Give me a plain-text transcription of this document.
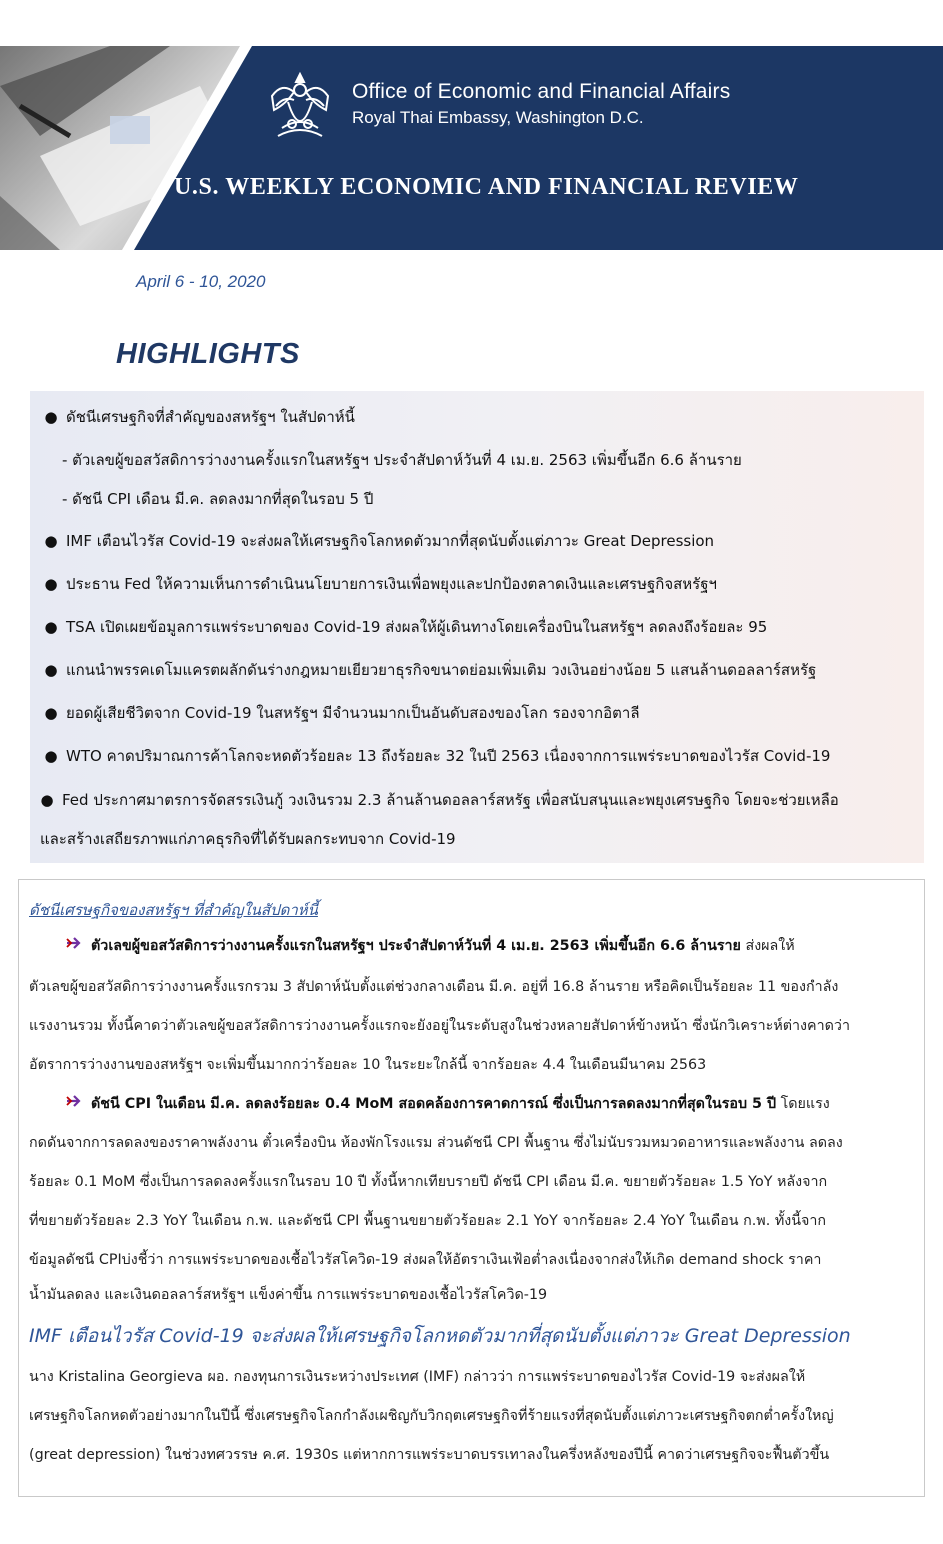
Office of Economic and Financial Affairs
Royal Thai Embassy, Washington D.C.
U.S. WEEKLY ECONOMIC AND FINANCIAL REVIEW
April 6 - 10, 2020
HIGHLIGHTS
● ดัชนีเศรษฐกิจที่สำคัญของสหรัฐฯ ในสัปดาห์นี้
- ตัวเลขผู้ขอสวัสดิการว่างงานครั้งแรกในสหรัฐฯ ประจำสัปดาห์วันที่ 4 เม.ย. 2563 เพิ่มขึ้นอีก 6.6 ล้านราย
- ดัชนี CPI เดือน มี.ค. ลดลงมากที่สุดในรอบ 5 ปี
● IMF เตือนไวรัส Covid-19 จะส่งผลให้เศรษฐกิจโลกหดตัวมากที่สุดนับตั้งแต่ภาวะ Great Depression
● ประธาน Fed ให้ความเห็นการดำเนินนโยบายการเงินเพื่อพยุงและปกป้องตลาดเงินและเศรษฐกิจสหรัฐฯ
● TSA เปิดเผยข้อมูลการแพร่ระบาดของ Covid-19 ส่งผลให้ผู้เดินทางโดยเครื่องบินในสหรัฐฯ ลดลงถึงร้อยละ 95
● แกนนำพรรคเดโมแครตผลักดันร่างกฎหมายเยียวยาธุรกิจขนาดย่อมเพิ่มเติม วงเงินอย่างน้อย 5 แสนล้านดอลลาร์สหรัฐ
● ยอดผู้เสียชีวิตจาก Covid-19 ในสหรัฐฯ มีจำนวนมากเป็นอันดับสองของโลก รองจากอิตาลี
● WTO คาดปริมาณการค้าโลกจะหดตัวร้อยละ 13 ถึงร้อยละ 32 ในปี 2563 เนื่องจากการแพร่ระบาดของไวรัส Covid-19
● Fed ประกาศมาตรการจัดสรรเงินกู้ วงเงินรวม 2.3 ล้านล้านดอลลาร์สหรัฐ เพื่อสนับสนุนและพยุงเศรษฐกิจ โดยจะช่วยเหลือ
และสร้างเสถียรภาพแก่ภาคธุรกิจที่ได้รับผลกระทบจาก Covid-19
ดัชนีเศรษฐกิจของสหรัฐฯ ที่สำคัญในสัปดาห์นี้
ตัวเลขผู้ขอสวัสดิการว่างงานครั้งแรกในสหรัฐฯ ประจำสัปดาห์วันที่ 4 เม.ย. 2563 เพิ่มขึ้นอีก 6.6 ล้านราย ส่งผลให้
ตัวเลขผู้ขอสวัสดิการว่างงานครั้งแรกรวม 3 สัปดาห์นับตั้งแต่ช่วงกลางเดือน มี.ค. อยู่ที่ 16.8 ล้านราย หรือคิดเป็นร้อยละ 11 ของกำลัง
แรงงานรวม ทั้งนี้คาดว่าตัวเลขผู้ขอสวัสดิการว่างงานครั้งแรกจะยังอยู่ในระดับสูงในช่วงหลายสัปดาห์ข้างหน้า ซึ่งนักวิเคราะห์ต่างคาดว่า
อัตราการว่างงานของสหรัฐฯ จะเพิ่มขึ้นมากกว่าร้อยละ 10 ในระยะใกล้นี้ จากร้อยละ 4.4 ในเดือนมีนาคม 2563
ดัชนี CPI ในเดือน มี.ค. ลดลงร้อยละ 0.4 MoM สอดคล้องการคาดการณ์ ซึ่งเป็นการลดลงมากที่สุดในรอบ 5 ปี โดยแรง
กดดันจากการลดลงของราคาพลังงาน ตั๋วเครื่องบิน ห้องพักโรงแรม ส่วนดัชนี CPI พื้นฐาน ซึ่งไม่นับรวมหมวดอาหารและพลังงาน ลดลง
ร้อยละ 0.1 MoM ซึ่งเป็นการลดลงครั้งแรกในรอบ 10 ปี ทั้งนี้หากเทียบรายปี ดัชนี CPI เดือน มี.ค. ขยายตัวร้อยละ 1.5 YoY หลังจาก
ที่ขยายตัวร้อยละ 2.3 YoY ในเดือน ก.พ. และดัชนี CPI พื้นฐานขยายตัวร้อยละ 2.1 YoY จากร้อยละ 2.4 YoY ในเดือน ก.พ. ทั้งนี้จาก
ข้อมูลดัชนี CPIบ่งชี้ว่า การแพร่ระบาดของเชื้อไวรัสโควิด-19 ส่งผลให้อัตราเงินเฟ้อต่ำลงเนื่องจากส่งให้เกิด demand shock ราคา
น้ำมันลดลง และเงินดอลลาร์สหรัฐฯ แข็งค่าขึ้น การแพร่ระบาดของเชื้อไวรัสโควิด-19
IMF เตือนไวรัส Covid-19 จะส่งผลให้เศรษฐกิจโลกหดตัวมากที่สุดนับตั้งแต่ภาวะ Great Depression
นาง Kristalina Georgieva ผอ. กองทุนการเงินระหว่างประเทศ (IMF) กล่าวว่า การแพร่ระบาดของไวรัส Covid-19 จะส่งผลให้
เศรษฐกิจโลกหดตัวอย่างมากในปีนี้ ซึ่งเศรษฐกิจโลกกำลังเผชิญกับวิกฤตเศรษฐกิจที่ร้ายแรงที่สุดนับตั้งแต่ภาวะเศรษฐกิจตกต่ำครั้งใหญ่
(great depression) ในช่วงทศวรรษ ค.ศ. 1930s แต่หากการแพร่ระบาดบรรเทาลงในครึ่งหลังของปีนี้ คาดว่าเศรษฐกิจจะฟื้นตัวขึ้น
